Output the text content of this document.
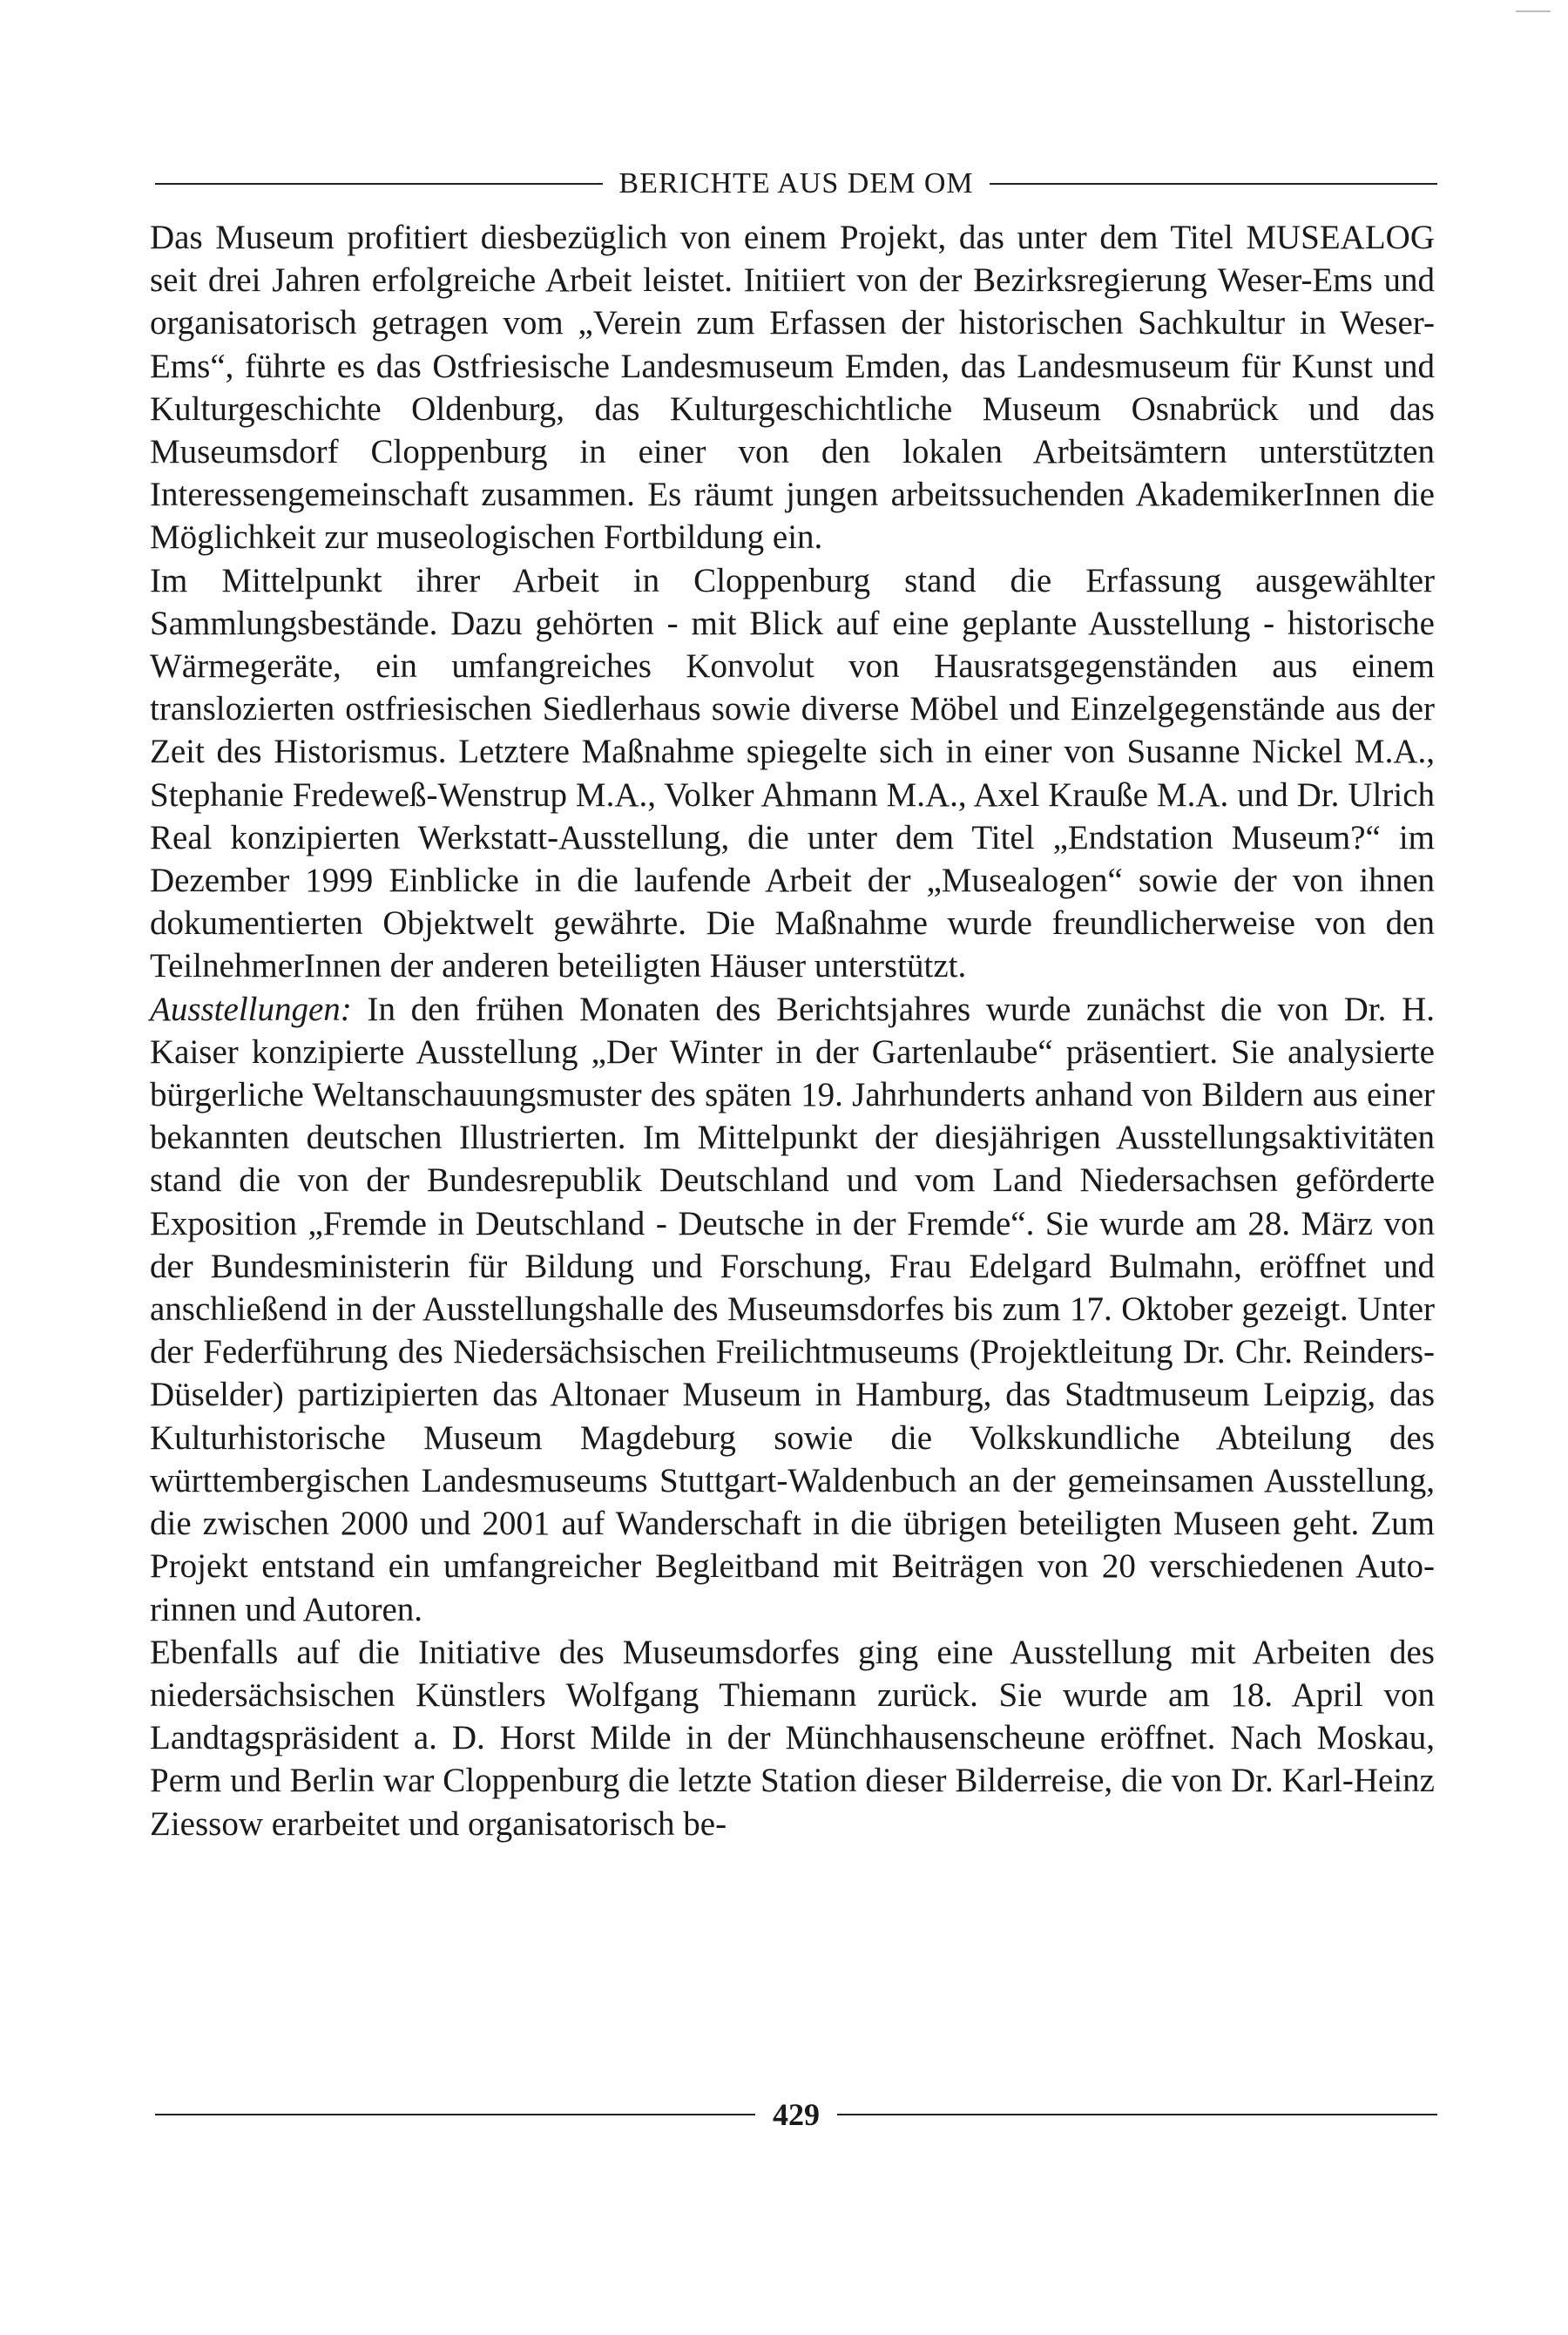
BERICHTE AUS DEM OM

Das Museum profitiert diesbezüglich von einem Projekt, das unter dem Titel MUSEALOG seit drei Jahren erfolgreiche Arbeit leistet. Initiiert von der Bezirksregierung Weser-Ems und organisatorisch getragen vom „Verein zum Erfassen der historischen Sachkultur in Weser-Ems“, führte es das Ostfriesische Landesmuseum Emden, das Landesmuseum für Kunst und Kulturgeschichte Oldenburg, das Kulturgeschichtliche Museum Osnabrück und das Museumsdorf Cloppenburg in einer von den lokalen Arbeitsämtern unterstützten Interessengemeinschaft zusammen. Es räumt jungen arbeitssuchenden AkademikerInnen die Möglichkeit zur museologischen Fortbildung ein.

Im Mittelpunkt ihrer Arbeit in Cloppenburg stand die Erfassung ausgewählter Sammlungsbestände. Dazu gehörten - mit Blick auf eine geplante Ausstellung - historische Wärmegeräte, ein umfangreiches Konvolut von Hausratsgegenständen aus einem translozierten ostfriesischen Siedlerhaus sowie diverse Möbel und Einzelgegenstände aus der Zeit des Historismus. Letztere Maßnahme spiegelte sich in einer von Susanne Nickel M.A., Stephanie Fredeweß-Wenstrup M.A., Volker Ahmann M.A., Axel Kraußе M.A. und Dr. Ulrich Real konzipierten Werkstatt-Ausstellung, die unter dem Titel „Endstation Museum?“ im Dezember 1999 Einblicke in die laufende Arbeit der „Musealogen“ sowie der von ihnen dokumentierten Objektwelt gewährte. Die Maßnahme wurde freundlicherweise von den TeilnehmerInnen der anderen beteiligten Häuser unterstützt.

Ausstellungen: In den frühen Monaten des Berichtsjahres wurde zunächst die von Dr. H. Kaiser konzipierte Ausstellung „Der Winter in der Gartenlaube“ präsentiert. Sie analysierte bürgerliche Weltanschauungsmuster des späten 19. Jahrhunderts anhand von Bildern aus einer bekannten deutschen Illustrierten. Im Mittelpunkt der diesjährigen Ausstellungsaktivitäten stand die von der Bundesrepublik Deutschland und vom Land Niedersachsen geförderte Exposition „Fremde in Deutschland - Deutsche in der Fremde“. Sie wurde am 28. März von der Bundesministerin für Bildung und Forschung, Frau Edelgard Bulmahn, eröffnet und anschließend in der Ausstellungshalle des Museumsdorfes bis zum 17. Oktober gezeigt. Unter der Federführung des Niedersächsischen Freilichtmuseums (Projektleitung Dr. Chr. Reinders-Düselder) partizipierten das Altonaer Museum in Hamburg, das Stadtmuseum Leipzig, das Kulturhistorische Museum Magdeburg sowie die Volkskundliche Abteilung des württembergischen Landesmuseums Stuttgart-Waldenbuch an der gemeinsamen Ausstellung, die zwischen 2000 und 2001 auf Wanderschaft in die übrigen beteiligten Museen geht. Zum Projekt entstand ein umfangreicher Begleitband mit Beiträgen von 20 verschiedenen Autorinnen und Autoren.

Ebenfalls auf die Initiative des Museumsdorfes ging eine Ausstellung mit Arbeiten des niedersächsischen Künstlers Wolfgang Thiemann zurück. Sie wurde am 18. April von Landtagspräsident a. D. Horst Milde in der Münchhausenscheune eröffnet. Nach Moskau, Perm und Berlin war Cloppenburg die letzte Station dieser Bilderreise, die von Dr. Karl-Heinz Ziessow erarbeitet und organisatorisch be-

429
